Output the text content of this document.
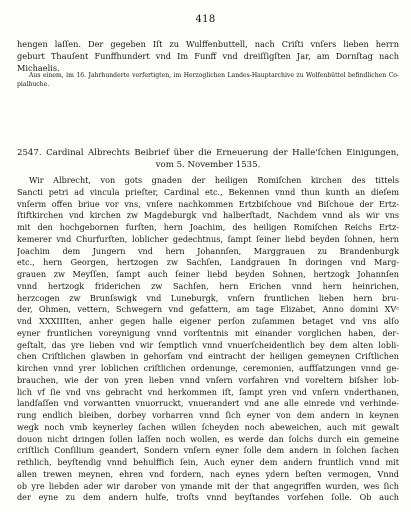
418
hengen laſſen. Der gegeben Iſt zu Wulffenbuttell, nach Criſti vnſers lieben herrn
geburt Thauſent Funffhundert vnd Im Funff vnd dreiſſigſten Jar, am Dornſtag nach
Michaelis.
Aus einem, im 16. Jahrhunderte verfertigten, im Herzoglichen Landes-Hauptarchive zu Wolfenbüttel befindlichen Co-
pialbuche.
2547. Cardinal Albrechts Beibrief über die Erneuerung der Halle'ſchen Einigungen,
vom 5. November 1535.
Wir Albrecht, von gots gnaden der heiligen Romiſchen kirchen des tittels
Sancti petri ad vincula prieſter, Cardinal etc., Bekennen vnnd thun kunth an dieſem
vnſerm offen briue vor vns, vnſere nachkommen Ertzbiſchoue vnd Biſchoue der Ertz-
ſtiftkirchen vnd kirchen zw Magdeburgk vnd halberſtadt, Nachdem vnnd als wir vns
mit den hochgebornen furſten, hern Joachim, des heiligen Romiſchen Reichs Ertz-
kemerer vnd Churfurſten, loblicher gedechtnus, ſampt ſeiner liebd beyden ſohnen, hern
Joachim dem Jungern vnd hern Johannſen, Marggrauen zu Brandenburgk
etc., hern Georgen, hertzogen zw Sachſen, Landgrauen In doringen vnd Marg-
grauen zw Meyſſen, ſampt auch ſeiner liebd beyden Sohnen, hertzogk Johannſen
vnnd hertzogk friderichen zw Sachſen, hern Erichen vnnd hern heinrichen,
herzcogen zw Brunſswigk vnd Luneburgk, vnſern fruntlichen lieben hern bru-
der, Ohmen, vettern, Schwegern vnd gefattern, am tage Elizabet, Anno domini XVᶜ
vnd XXXIIIten, anher gegen halle eigener perſon zuſammen betaget vnd vns alſo
eyner fruntlichen voreynigung vnnd vorſtentnis mit einander vorglichen haben, der-
geſtalt, das yre lieben vnd wir ſemptlich vnnd vnuerſcheidentlich bey dem alten lobli-
chen Criſtlichen glawben in gehorſam vnd eintracht der heiligen gemeynen Criſtlichen
kirchen vnnd yrer loblichen criſtlichen ordenunge, ceremonien, auffſatzungen vnnd ge-
brauchen, wie der von yren lieben vnnd vnſern vorfahren vnd voreltern biſsher lob-
lich vf ſie vnd vns gebracht vnd herkommen iſt, ſampt yren vnd vnſern vnderthanen,
landſaſſen vnd vorwantten vnuorruckt, vnuerandert vnd ane alle einrede vnd verhinde-
rung endlich bleiben, dorbey vorharren vnnd ſich eyner von dem andern in keynen
wegk noch vmb keynerley ſachen willen ſcheyden noch abeweichen, auch mit gewalt
douon nicht dringen ſollen laſſen noch wollen, es werde dan ſolchs durch ein gemeine
criſtlich Conſilium geandert, Sondern vnſern eyner ſolle dem andern in ſolchen ſachen
rethlich, beyſtendig vnnd behulffich ſein, Auch eyner dem andern fruntlich vnnd mit
allen trewen meynen, ehren vnd fordern, nach eynes ydern beſten vermogen, Vnnd
ob yre liebden ader wir darober von ymande mit der that angegriffen wurden, wes ſich
der eyne zu dem andern hulfe, troſts vnnd beyſtandes vorſehen ſolle. Ob auch
